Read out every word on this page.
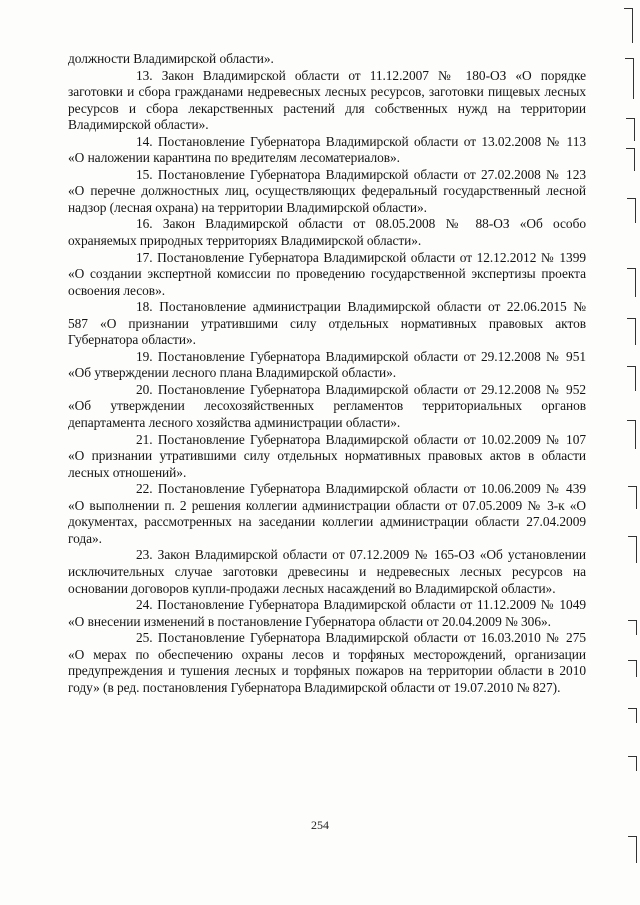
должности Владимирской области».

13. Закон Владимирской области от 11.12.2007 № 180-ОЗ «О порядке заготовки и сбора гражданами недревесных лесных ресурсов, заготовки пищевых лесных ресурсов и сбора лекарственных растений для собственных нужд на территории Владимирской области».

14. Постановление Губернатора Владимирской области от 13.02.2008 № 113 «О наложении карантина по вредителям лесоматериалов».

15. Постановление Губернатора Владимирской области от 27.02.2008 № 123 «О перечне должностных лиц, осуществляющих федеральный государственный лесной надзор (лесная охрана) на территории Владимирской области».

16. Закон Владимирской области от 08.05.2008 № 88-ОЗ «Об особо охраняемых природных территориях Владимирской области».

17. Постановление Губернатора Владимирской области от 12.12.2012 № 1399 «О создании экспертной комиссии по проведению государственной экспертизы проекта освоения лесов».

18. Постановление администрации Владимирской области от 22.06.2015 № 587 «О признании утратившими силу отдельных нормативных правовых актов Губернатора области».

19. Постановление Губернатора Владимирской области от 29.12.2008 № 951 «Об утверждении лесного плана Владимирской области».

20. Постановление Губернатора Владимирской области от 29.12.2008 № 952 «Об утверждении лесохозяйственных регламентов территориальных органов департамента лесного хозяйства администрации области».

21. Постановление Губернатора Владимирской области от 10.02.2009 № 107 «О признании утратившими силу отдельных нормативных правовых актов в области лесных отношений».

22. Постановление Губернатора Владимирской области от 10.06.2009 № 439 «О выполнении п. 2 решения коллегии администрации области от 07.05.2009 № 3-к «О документах, рассмотренных на заседании коллегии администрации области 27.04.2009 года».

23. Закон Владимирской области от 07.12.2009 № 165-ОЗ «Об установлении исключительных случае заготовки древесины и недревесных лесных ресурсов на основании договоров купли-продажи лесных насаждений во Владимирской области».

24. Постановление Губернатора Владимирской области от 11.12.2009 № 1049 «О внесении изменений в постановление Губернатора области от 20.04.2009 № 306».

25. Постановление Губернатора Владимирской области от 16.03.2010 № 275 «О мерах по обеспечению охраны лесов и торфяных месторождений, организации предупреждения и тушения лесных и торфяных пожаров на территории области в 2010 году» (в ред. постановления Губернатора Владимирской области от 19.07.2010 № 827).

254
